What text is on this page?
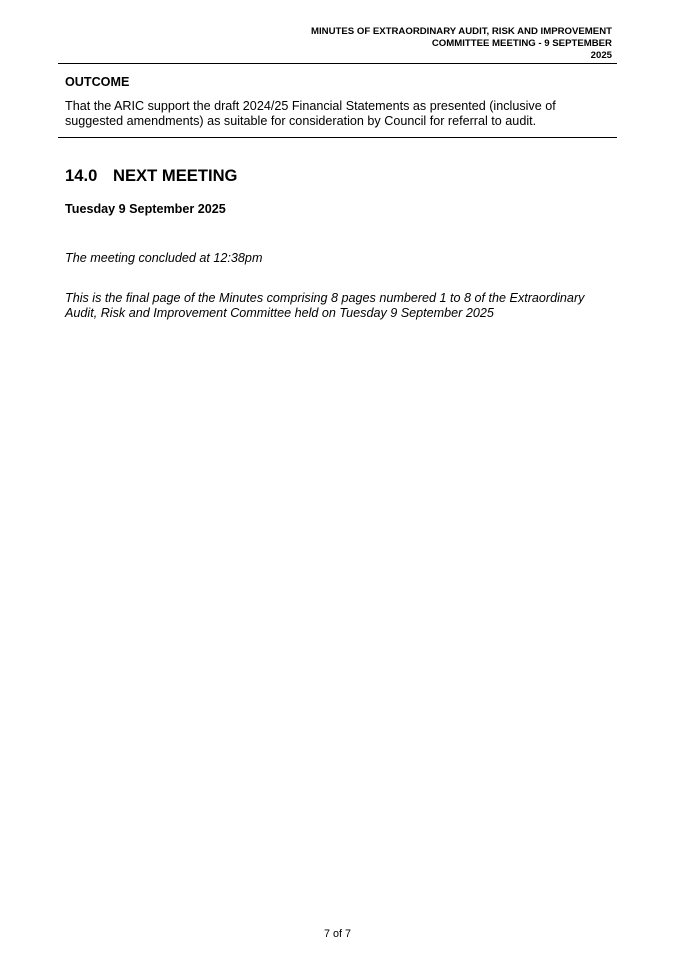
MINUTES OF EXTRAORDINARY AUDIT, RISK AND IMPROVEMENT COMMITTEE MEETING - 9 SEPTEMBER
2025
OUTCOME
That the ARIC support the draft 2024/25 Financial Statements as presented (inclusive of suggested amendments) as suitable for consideration by Council for referral to audit.
14.0 NEXT MEETING
Tuesday 9 September 2025
The meeting concluded at 12:38pm
This is the final page of the Minutes comprising 8 pages numbered 1 to 8 of the Extraordinary Audit, Risk and Improvement Committee held on Tuesday 9 September 2025
7 of 7
